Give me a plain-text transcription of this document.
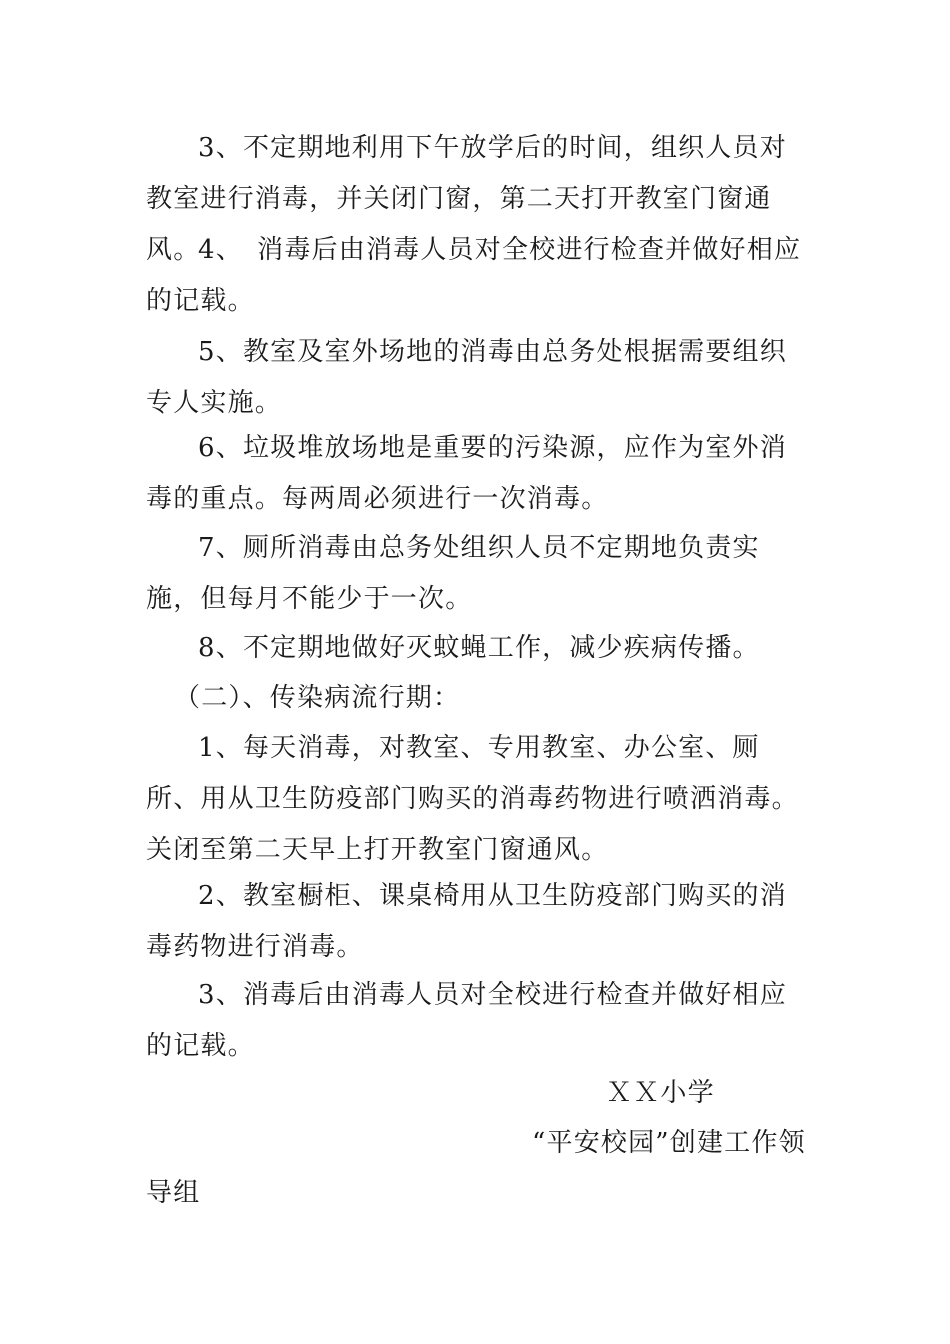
3、不定期地利用下午放学后的时间，组织人员对教室进行消毒，并关闭门窗，第二天打开教室门窗通风。

4、　消毒后由消毒人员对全校进行检查并做好相应的记载。

5、教室及室外场地的消毒由总务处根据需要组织专人实施。

6、垃圾堆放场地是重要的污染源，应作为室外消毒的重点。每两周必须进行一次消毒。

7、厕所消毒由总务处组织人员不定期地负责实施，但每月不能少于一次。

8、不定期地做好灭蚊蝇工作，减少疾病传播。

（二）、传染病流行期：

1、每天消毒，对教室、专用教室、办公室、厕所、用从卫生防疫部门购买的消毒药物进行喷洒消毒。关闭至第二天早上打开教室门窗通风。

2、教室橱柜、课桌椅用从卫生防疫部门购买的消毒药物进行消毒。

3、消毒后由消毒人员对全校进行检查并做好相应的记载。

ＸＸ小学

“平安校园”创建工作领

导组
